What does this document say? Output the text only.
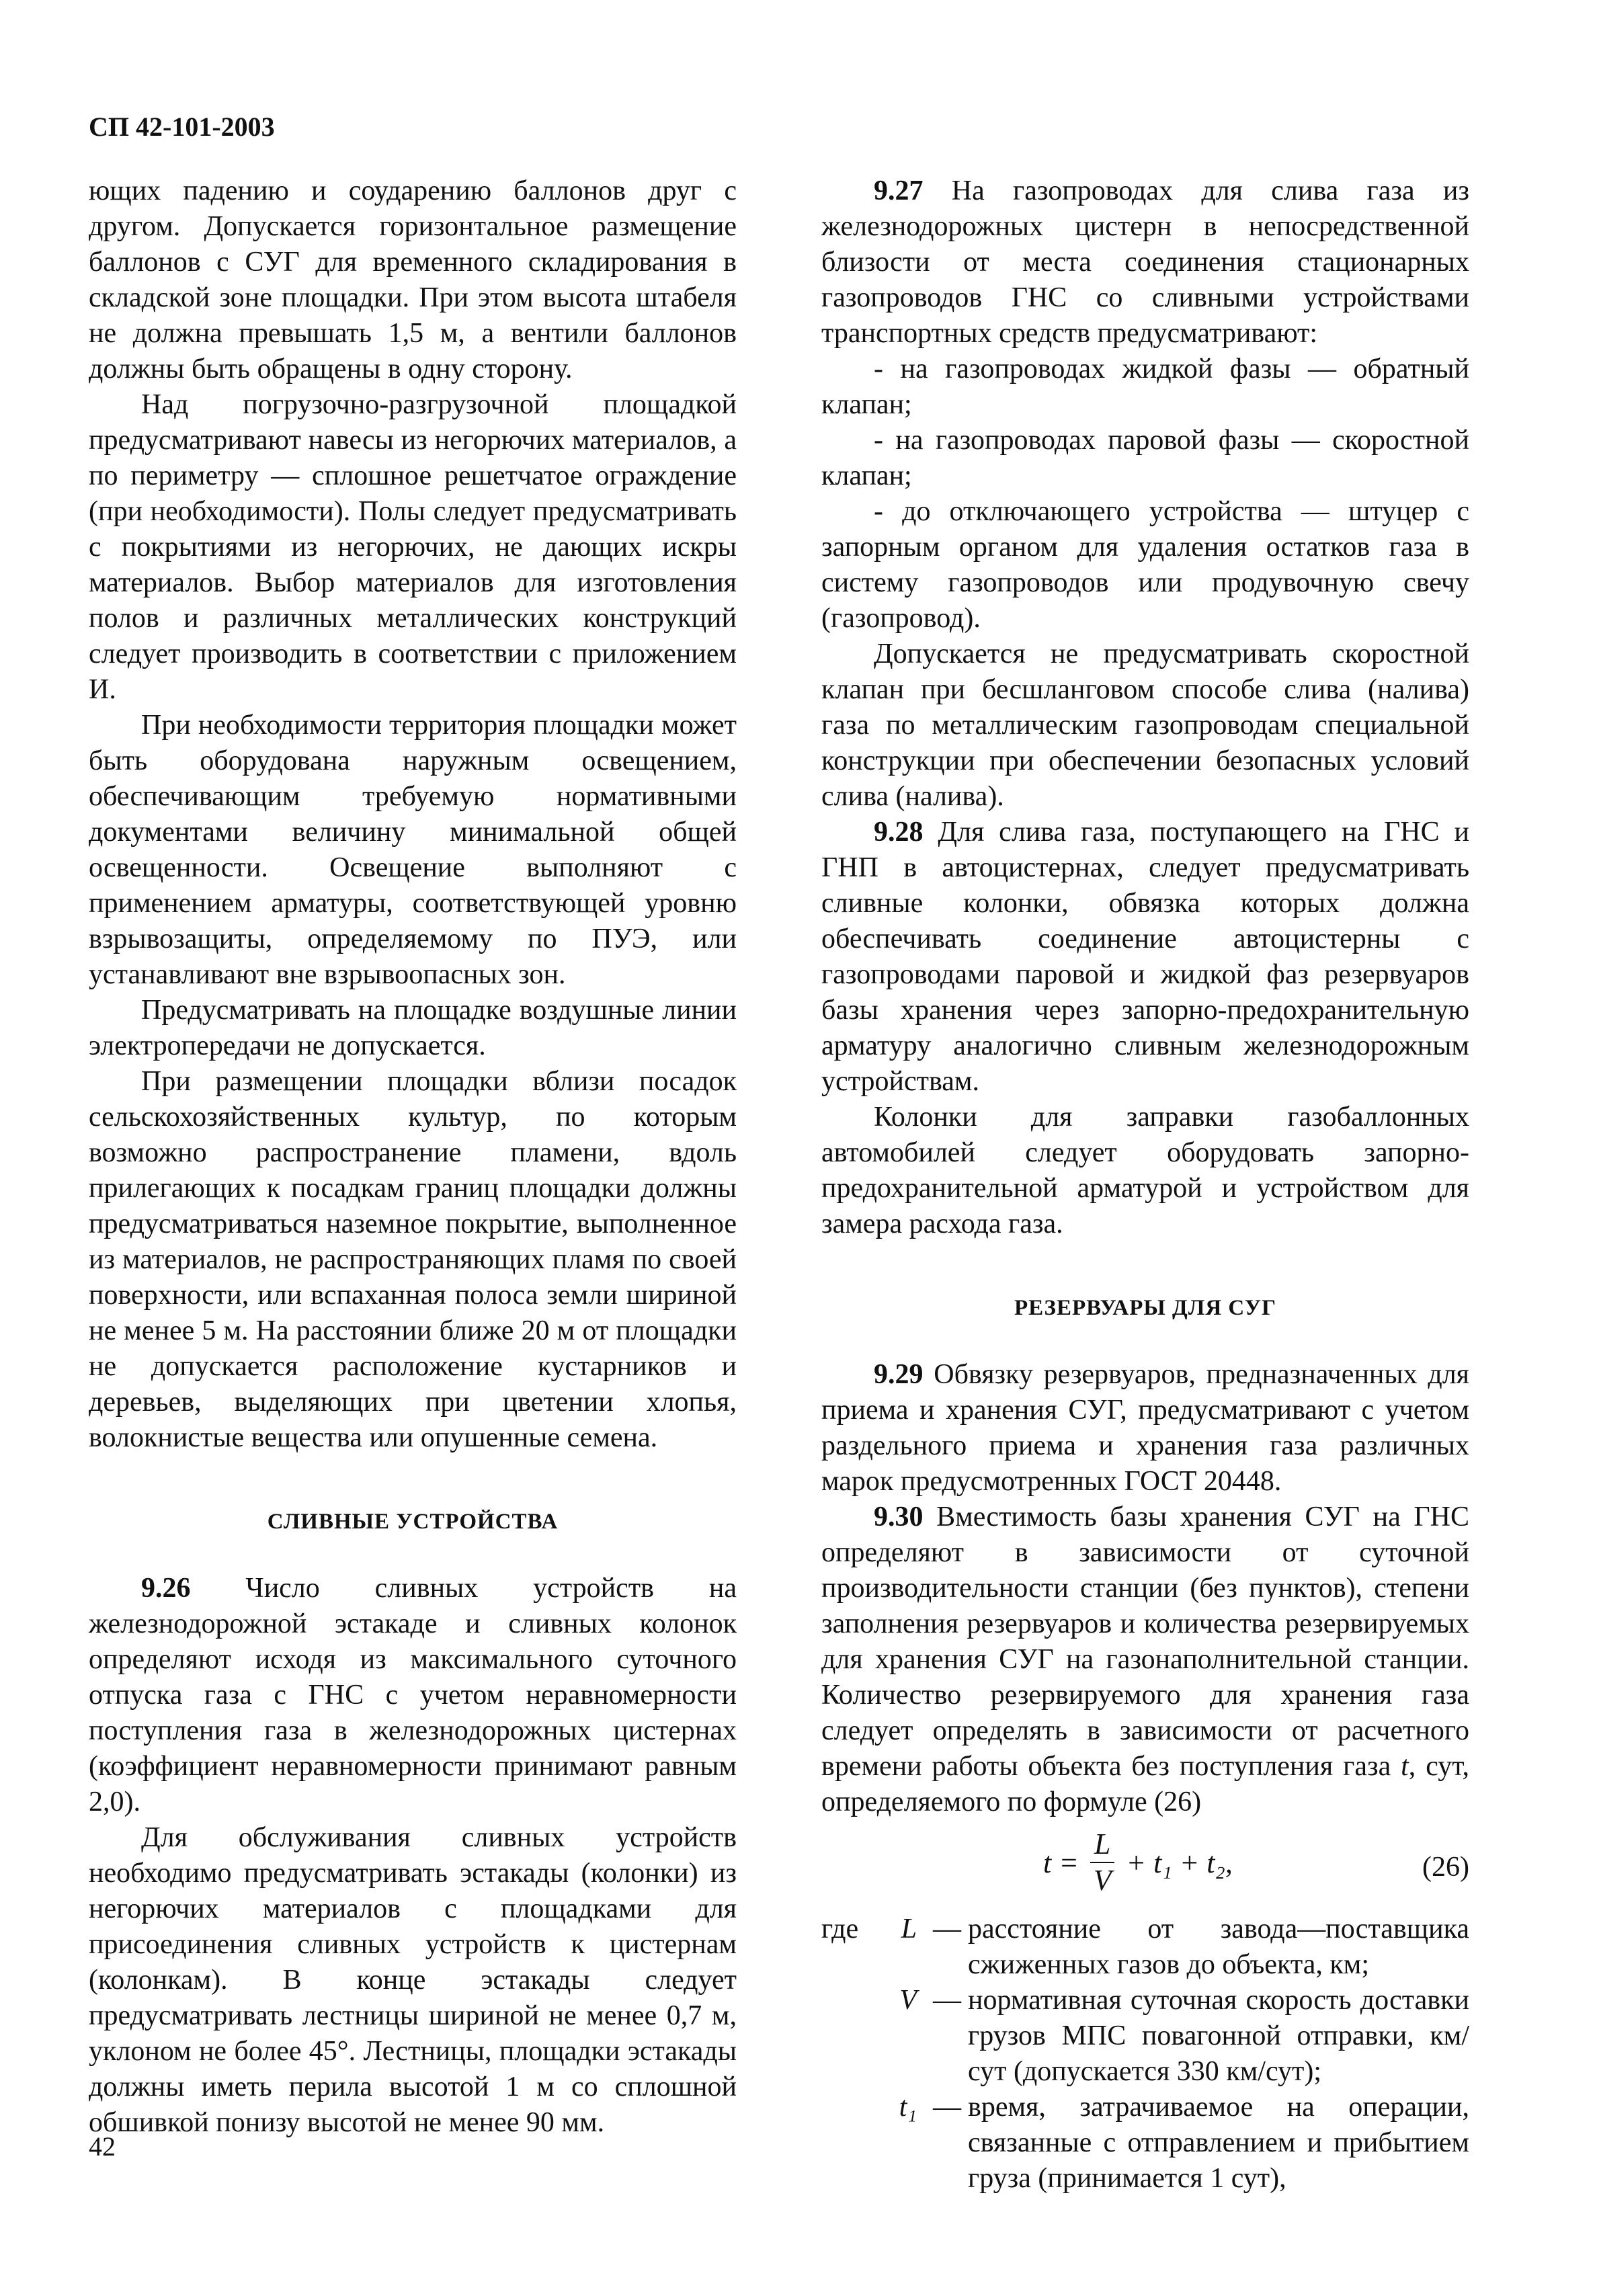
СП 42-101-2003

ющих падению и соударению баллонов друг с другом. Допускается горизонтальное размещение баллонов с СУГ для временного складирования в складской зоне площадки. При этом высота штабеля не должна превышать 1,5 м, а вентили баллонов должны быть обращены в одну сторону.

Над погрузочно-разгрузочной площадкой предусматривают навесы из негорючих материалов, а по периметру — сплошное решетчатое ограждение (при необходимости). Полы следует предусматривать с покрытиями из негорючих, не дающих искры материалов. Выбор материалов для изготовления полов и различных металлических конструкций следует производить в соответствии с приложением И.

При необходимости территория площадки может быть оборудована наружным освещением, обеспечивающим требуемую нормативными документами величину минимальной общей освещенности. Освещение выполняют с применением арматуры, соответствующей уровню взрывозащиты, определяемому по ПУЭ, или устанавливают вне взрывоопасных зон.

Предусматривать на площадке воздушные линии электропередачи не допускается.

При размещении площадки вблизи посадок сельскохозяйственных культур, по которым возможно распространение пламени, вдоль прилегающих к посадкам границ площадки должны предусматриваться наземное покрытие, выполненное из материалов, не распространяющих пламя по своей поверхности, или вспаханная полоса земли шириной не менее 5 м. На расстоянии ближе 20 м от площадки не допускается расположение кустарников и деревьев, выделяющих при цветении хлопья, волокнистые вещества или опушенные семена.

СЛИВНЫЕ УСТРОЙСТВА

9.26 Число сливных устройств на железнодорожной эстакаде и сливных колонок определяют исходя из максимального суточного отпуска газа с ГНС с учетом неравномерности поступления газа в железнодорожных цистернах (коэффициент неравномерности принимают равным 2,0).

Для обслуживания сливных устройств необходимо предусматривать эстакады (колонки) из негорючих материалов с площадками для присоединения сливных устройств к цистернам (колонкам). В конце эстакады следует предусматривать лестницы шириной не менее 0,7 м, уклоном не более 45°. Лестницы, площадки эстакады должны иметь перила высотой 1 м со сплошной обшивкой понизу высотой не менее 90 мм.

9.27 На газопроводах для слива газа из железнодорожных цистерн в непосредственной близости от места соединения стационарных газопроводов ГНС со сливными устройствами транспортных средств предусматривают:

- на газопроводах жидкой фазы — обратный клапан;

- на газопроводах паровой фазы — скоростной клапан;

- до отключающего устройства — штуцер с запорным органом для удаления остатков газа в систему газопроводов или продувочную свечу (газопровод).

Допускается не предусматривать скоростной клапан при бесшланговом способе слива (налива) газа по металлическим газопроводам специальной конструкции при обеспечении безопасных условий слива (налива).

9.28 Для слива газа, поступающего на ГНС и ГНП в автоцистернах, следует предусматривать сливные колонки, обвязка которых должна обеспечивать соединение автоцистерны с газопроводами паровой и жидкой фаз резервуаров базы хранения через запорно-предохранительную арматуру аналогично сливным железнодорожным устройствам.

Колонки для заправки газобаллонных автомобилей следует оборудовать запорно-предохранительной арматурой и устройством для замера расхода газа.

РЕЗЕРВУАРЫ ДЛЯ СУГ

9.29 Обвязку резервуаров, предназначенных для приема и хранения СУГ, предусматривают с учетом раздельного приема и хранения газа различных марок предусмотренных ГОСТ 20448.

9.30 Вместимость базы хранения СУГ на ГНС определяют в зависимости от суточной производительности станции (без пунктов), степени заполнения резервуаров и количества резервируемых для хранения СУГ на газонаполнительной станции. Количество резервируемого для хранения газа следует определять в зависимости от расчетного времени работы объекта без поступления газа t, сут, определяемого по формуле (26)

$t = \frac{L}{V} + t_1 + t_2$,	(26)
где	L — расстояние от завода—поставщика сжиженных газов до объекта, км;
V — нормативная суточная скорость доставки грузов МПС повагонной отправки, км/сут (допускается 330 км/сут);
t₁ — время, затрачиваемое на операции, связанные с отправлением и прибытием груза (принимается 1 сут),
42
